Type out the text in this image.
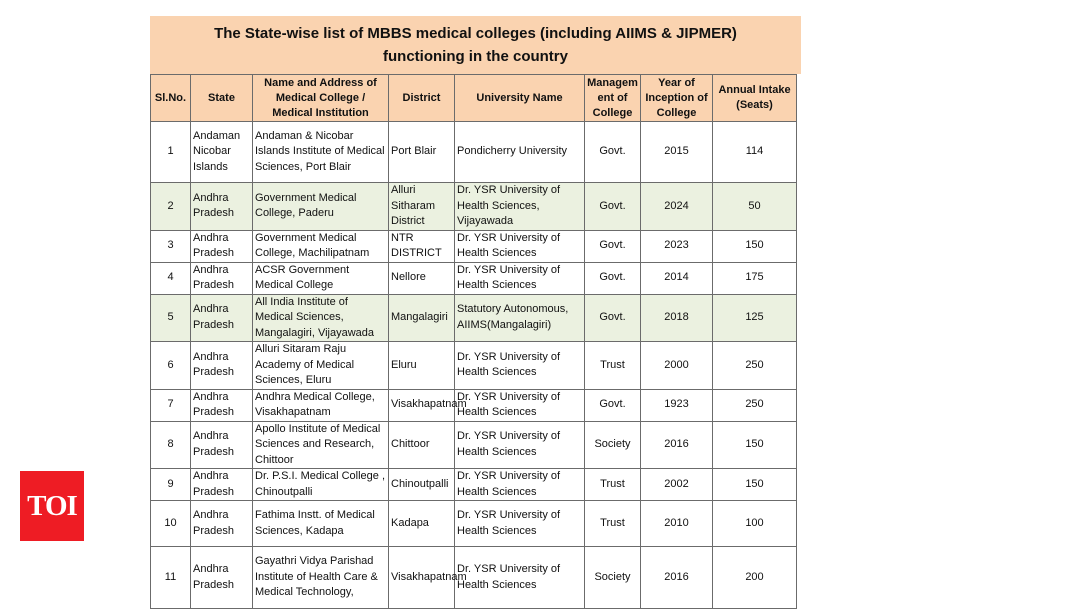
The State-wise list of MBBS medical colleges (including AIIMS & JIPMER)
functioning in the country
Sl.No.	State	Name and Address of Medical College / Medical Institution	District	University Name	Managem ent of College	Year of Inception of College	Annual Intake (Seats)
1	Andaman Nicobar Islands	Andaman & Nicobar Islands Institute of Medical Sciences, Port Blair	Port Blair	Pondicherry University	Govt.	2015	114
2	Andhra Pradesh	Government Medical College, Paderu	Alluri Sitharam District	Dr. YSR University of Health Sciences, Vijayawada	Govt.	2024	50
3	Andhra Pradesh	Government Medical College, Machilipatnam	NTR DISTRICT	Dr. YSR University of Health Sciences	Govt.	2023	150
4	Andhra Pradesh	ACSR Government Medical College	Nellore	Dr. YSR University of Health Sciences	Govt.	2014	175
5	Andhra Pradesh	All India Institute of Medical Sciences, Mangalagiri, Vijayawada	Mangalagiri	Statutory Autonomous, AIIMS(Mangalagiri)	Govt.	2018	125
6	Andhra Pradesh	Alluri Sitaram Raju Academy of Medical Sciences, Eluru	Eluru	Dr. YSR University of Health Sciences	Trust	2000	250
7	Andhra Pradesh	Andhra Medical College, Visakhapatnam	Visakhapatnam	Dr. YSR University of Health Sciences	Govt.	1923	250
8	Andhra Pradesh	Apollo Institute of Medical Sciences and Research, Chittoor	Chittoor	Dr. YSR University of Health Sciences	Society	2016	150
9	Andhra Pradesh	Dr. P.S.I. Medical College , Chinoutpalli	Chinoutpalli	Dr. YSR University of Health Sciences	Trust	2002	150
10	Andhra Pradesh	Fathima Instt. of Medical Sciences, Kadapa	Kadapa	Dr. YSR University of Health Sciences	Trust	2010	100
11	Andhra Pradesh	Gayathri Vidya Parishad Institute of Health Care & Medical Technology,	Visakhapatnam	Dr. YSR University of Health Sciences	Society	2016	200
TOI
